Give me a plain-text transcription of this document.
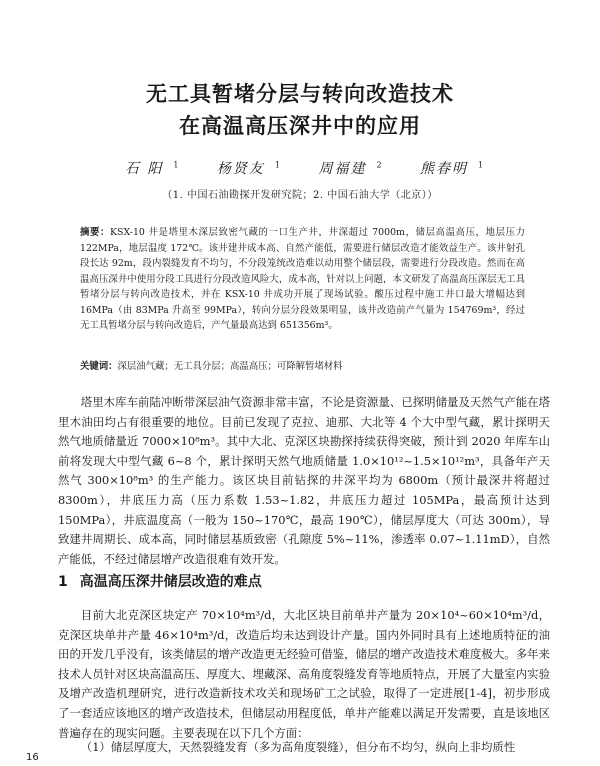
无工具暂堵分层与转向改造技术
在高温高压深井中的应用
石 阳 $^1$	杨贤友 $^1$	周福建 $^2$	熊春明 $^1$
（1. 中国石油勘探开发研究院；2. 中国石油大学（北京））

摘要：KSX-10 井是塔里木深层致密气藏的一口生产井，井深超过 7000m，储层高温高压，地层压力 122MPa，地层温度 172℃。该井建井成本高、自然产能低，需要进行储层改造才能效益生产。该井射孔段长达 92m，段内裂缝发育不均匀，不分段笼统改造难以动用整个储层段，需要进行分段改造。然而在高温高压深井中使用分段工具进行分段改造风险大，成本高，针对以上问题，本文研发了高温高压深层无工具暂堵分层与转向改造技术，并在 KSX-10 井成功开展了现场试验。酸压过程中施工井口最大增幅达到 16MPa（由 83MPa 升高至 99MPa），转向分层分段效果明显，该井改造前产气量为 154769m³，经过无工具暂堵分层与转向改造后，产气量最高达到 651356m³。

关键词：深层油气藏；无工具分层；高温高压；可降解暂堵材料

塔里木库车前陆冲断带深层油气资源非常丰富，不论是资源量、已探明储量及天然气产能在塔里木油田均占有很重要的地位。目前已发现了克拉、迪那、大北等 4 个大中型气藏，累计探明天然气地质储量近 7000×10⁸m³。其中大北、克深区块勘探持续获得突破，预计到 2020 年库车山前将发现大中型气藏 6~8 个，累计探明天然气地质储量 1.0×10¹²~1.5×10¹²m³，具备年产天然气 300×10⁸m³ 的生产能力。该区块目前钻探的井深平均为 6800m（预计最深井将超过 8300m），井底压力高（压力系数 1.53~1.82，井底压力超过 105MPa，最高预计达到 150MPa），井底温度高（一般为 150~170℃，最高 190℃），储层厚度大（可达 300m），导致建井周期长、成本高，同时储层基质致密（孔隙度 5%~11%，渗透率 0.07~1.11mD），自然产能低，不经过储层增产改造很难有效开发。

1 高温高压深井储层改造的难点

目前大北克深区块定产 70×10⁴m³/d，大北区块目前单井产量为 20×10⁴~60×10⁴m³/d，克深区块单井产量 46×10⁴m³/d，改造后均未达到设计产量。国内外同时具有上述地质特征的油田的开发几乎没有，该类储层的增产改造更无经验可借鉴，储层的增产改造技术难度极大。多年来技术人员针对区块高温高压、厚度大、埋藏深、高角度裂缝发育等地质特点，开展了大量室内实验及增产改造机理研究，进行改造新技术攻关和现场矿工之试验，取得了一定进展[1-4]，初步形成了一套适应该地区的增产改造技术，但储层动用程度低，单井产能难以满足开发需要，直是该地区普遍存在的现实问题。主要表现在以下几个方面：

（1）储层厚度大，天然裂缝发育（多为高角度裂缝），但分布不均匀，纵向上非均质性

16
